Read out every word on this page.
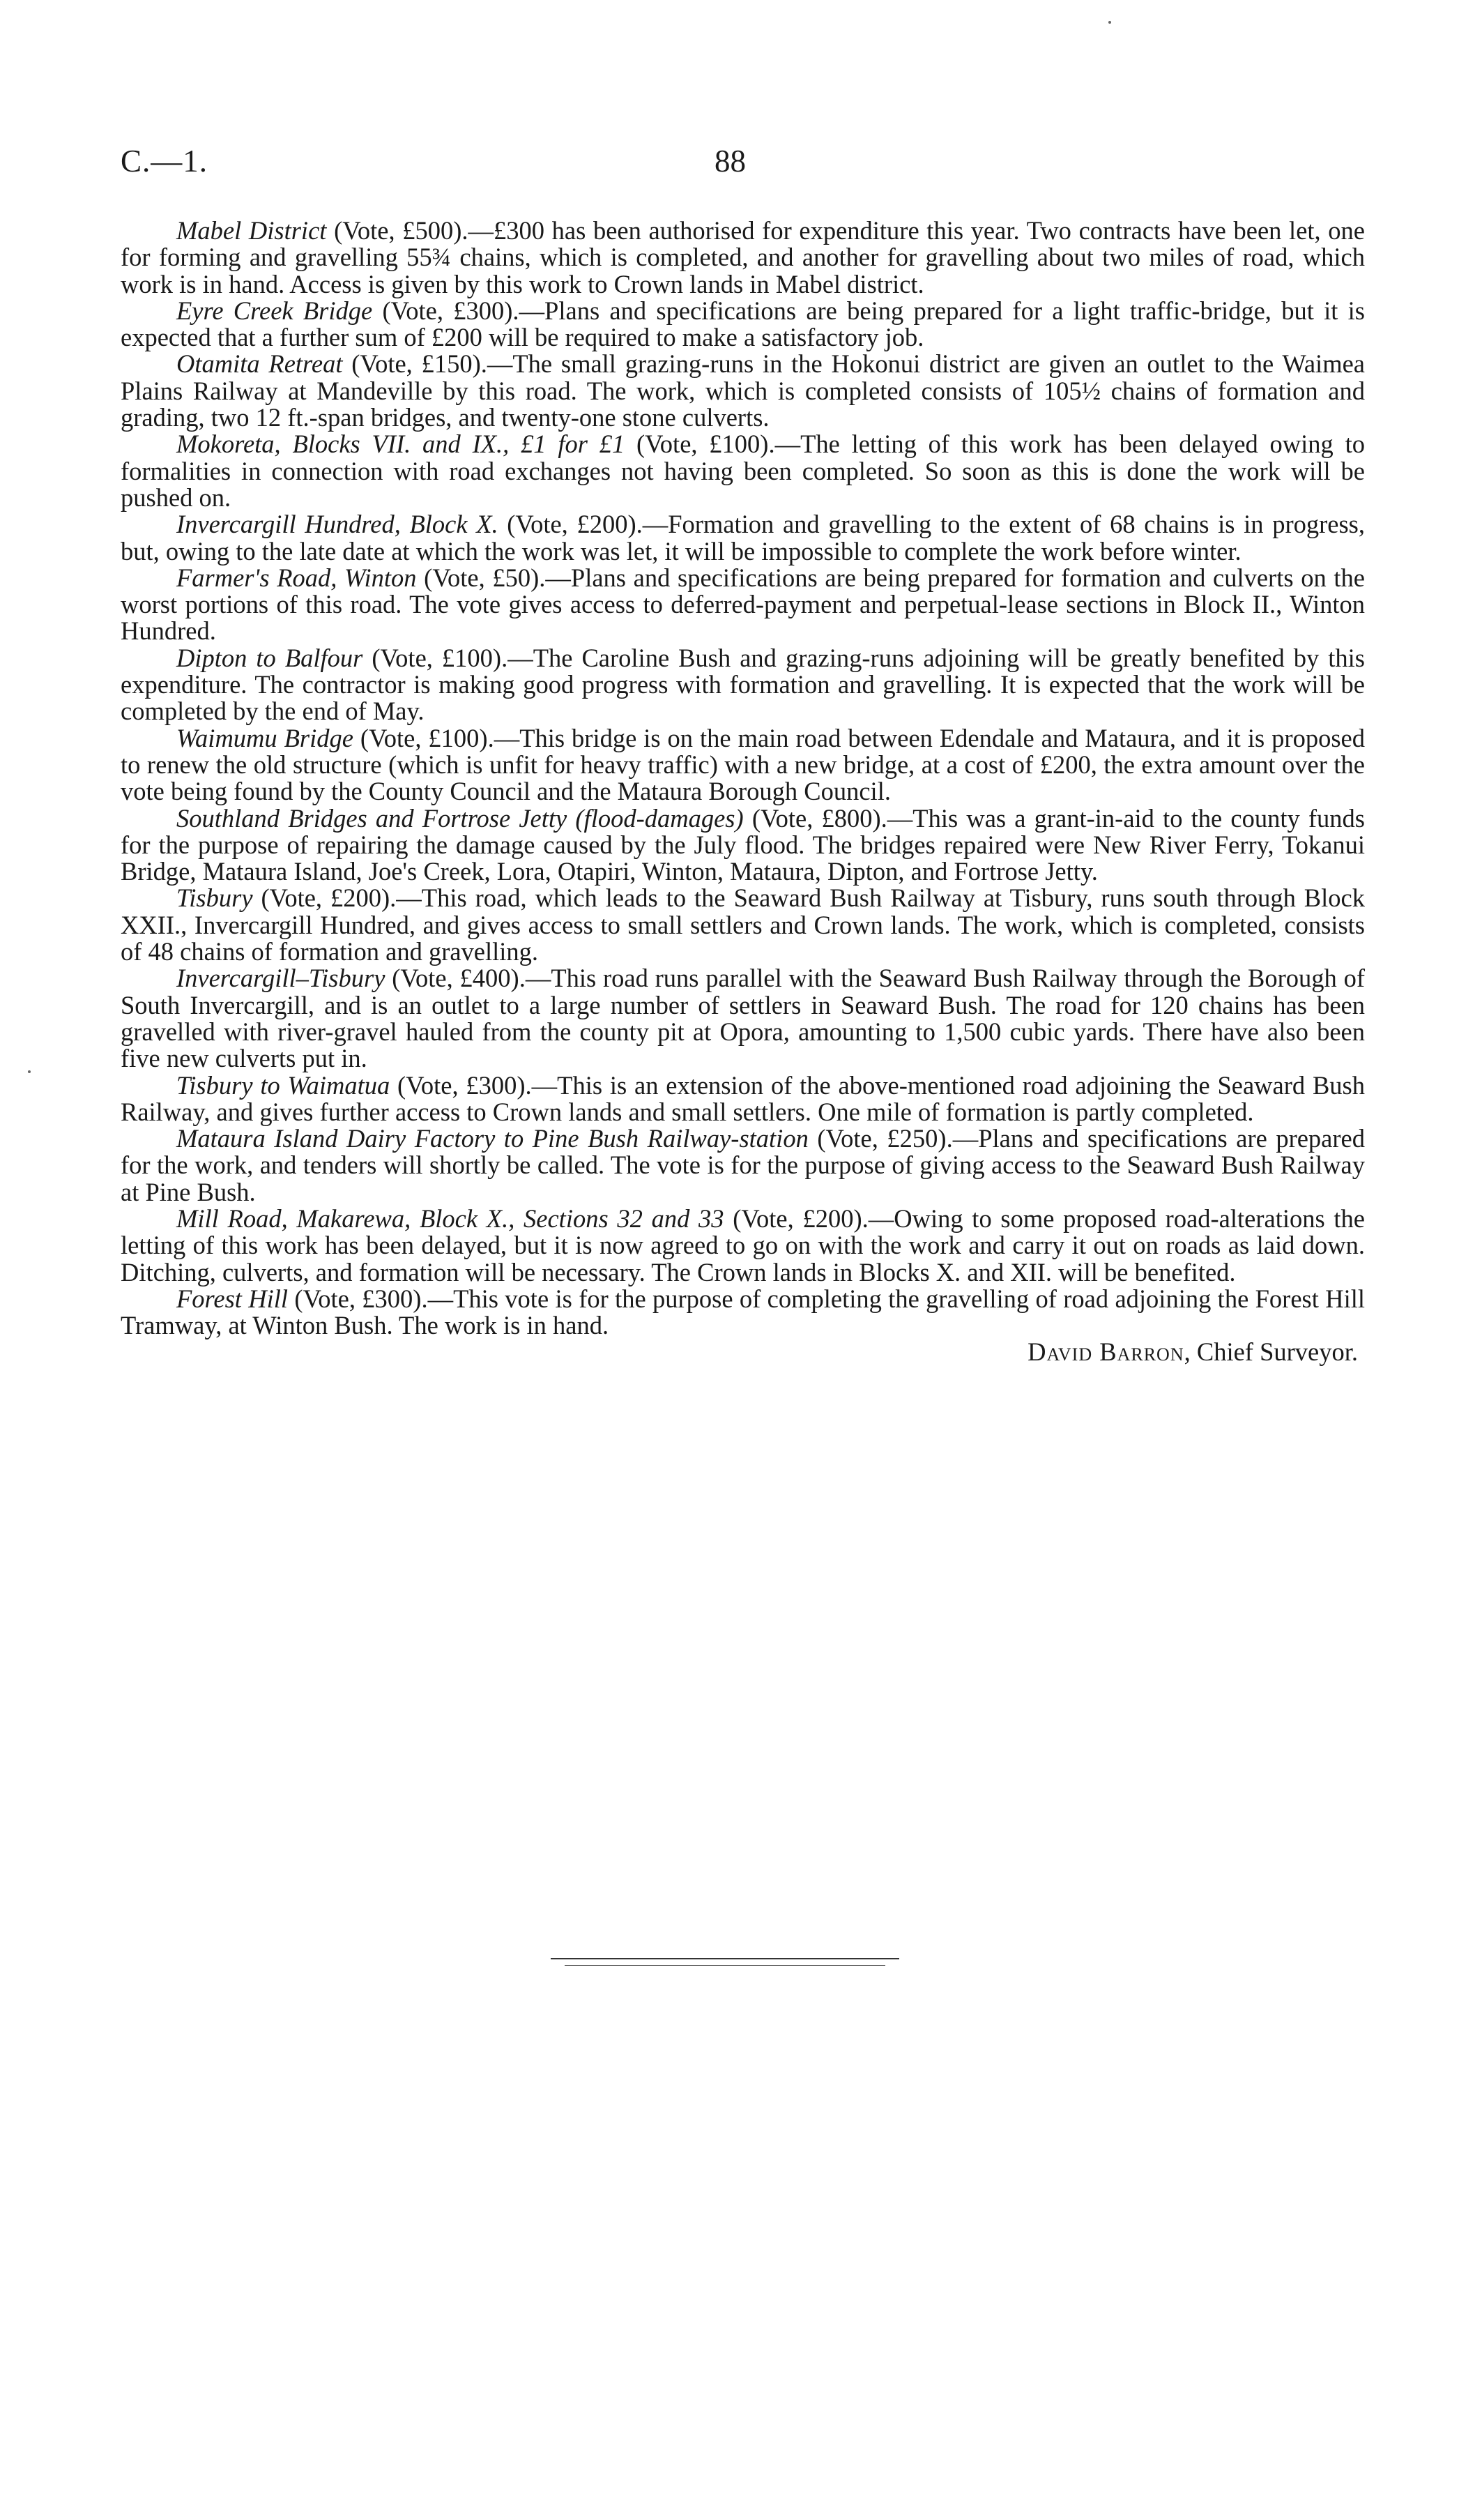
C.—1.	88

Mabel District (Vote, £500).—£300 has been authorised for expenditure this year. Two contracts have been let, one for forming and gravelling 55¾ chains, which is completed, and another for gravelling about two miles of road, which work is in hand. Access is given by this work to Crown lands in Mabel district.

Eyre Creek Bridge (Vote, £300).—Plans and specifications are being prepared for a light traffic-bridge, but it is expected that a further sum of £200 will be required to make a satisfactory job.

Otamita Retreat (Vote, £150).—The small grazing-runs in the Hokonui district are given an outlet to the Waimea Plains Railway at Mandeville by this road. The work, which is completed consists of 105½ chains of formation and grading, two 12 ft.-span bridges, and twenty-one stone culverts.

Mokoreta, Blocks VII. and IX., £1 for £1 (Vote, £100).—The letting of this work has been delayed owing to formalities in connection with road exchanges not having been completed. So soon as this is done the work will be pushed on.

Invercargill Hundred, Block X. (Vote, £200).—Formation and gravelling to the extent of 68 chains is in progress, but, owing to the late date at which the work was let, it will be impossible to complete the work before winter.

Farmer's Road, Winton (Vote, £50).—Plans and specifications are being prepared for formation and culverts on the worst portions of this road. The vote gives access to deferred-payment and perpetual-lease sections in Block II., Winton Hundred.

Dipton to Balfour (Vote, £100).—The Caroline Bush and grazing-runs adjoining will be greatly benefited by this expenditure. The contractor is making good progress with formation and gravelling. It is expected that the work will be completed by the end of May.

Waimumu Bridge (Vote, £100).—This bridge is on the main road between Edendale and Mataura, and it is proposed to renew the old structure (which is unfit for heavy traffic) with a new bridge, at a cost of £200, the extra amount over the vote being found by the County Council and the Mataura Borough Council.

Southland Bridges and Fortrose Jetty (flood-damages) (Vote, £800).—This was a grant-in-aid to the county funds for the purpose of repairing the damage caused by the July flood. The bridges repaired were New River Ferry, Tokanui Bridge, Mataura Island, Joe's Creek, Lora, Otapiri, Winton, Mataura, Dipton, and Fortrose Jetty.

Tisbury (Vote, £200).—This road, which leads to the Seaward Bush Railway at Tisbury, runs south through Block XXII., Invercargill Hundred, and gives access to small settlers and Crown lands. The work, which is completed, consists of 48 chains of formation and gravelling.

Invercargill–Tisbury (Vote, £400).—This road runs parallel with the Seaward Bush Railway through the Borough of South Invercargill, and is an outlet to a large number of settlers in Seaward Bush. The road for 120 chains has been gravelled with river-gravel hauled from the county pit at Opora, amounting to 1,500 cubic yards. There have also been five new culverts put in.

Tisbury to Waimatua (Vote, £300).—This is an extension of the above-mentioned road adjoining the Seaward Bush Railway, and gives further access to Crown lands and small settlers. One mile of formation is partly completed.

Mataura Island Dairy Factory to Pine Bush Railway-station (Vote, £250).—Plans and specifications are prepared for the work, and tenders will shortly be called. The vote is for the purpose of giving access to the Seaward Bush Railway at Pine Bush.

Mill Road, Makarewa, Block X., Sections 32 and 33 (Vote, £200).—Owing to some proposed road-alterations the letting of this work has been delayed, but it is now agreed to go on with the work and carry it out on roads as laid down. Ditching, culverts, and formation will be necessary. The Crown lands in Blocks X. and XII. will be benefited.

Forest Hill (Vote, £300).—This vote is for the purpose of completing the gravelling of road adjoining the Forest Hill Tramway, at Winton Bush. The work is in hand.

David Barron, Chief Surveyor.
